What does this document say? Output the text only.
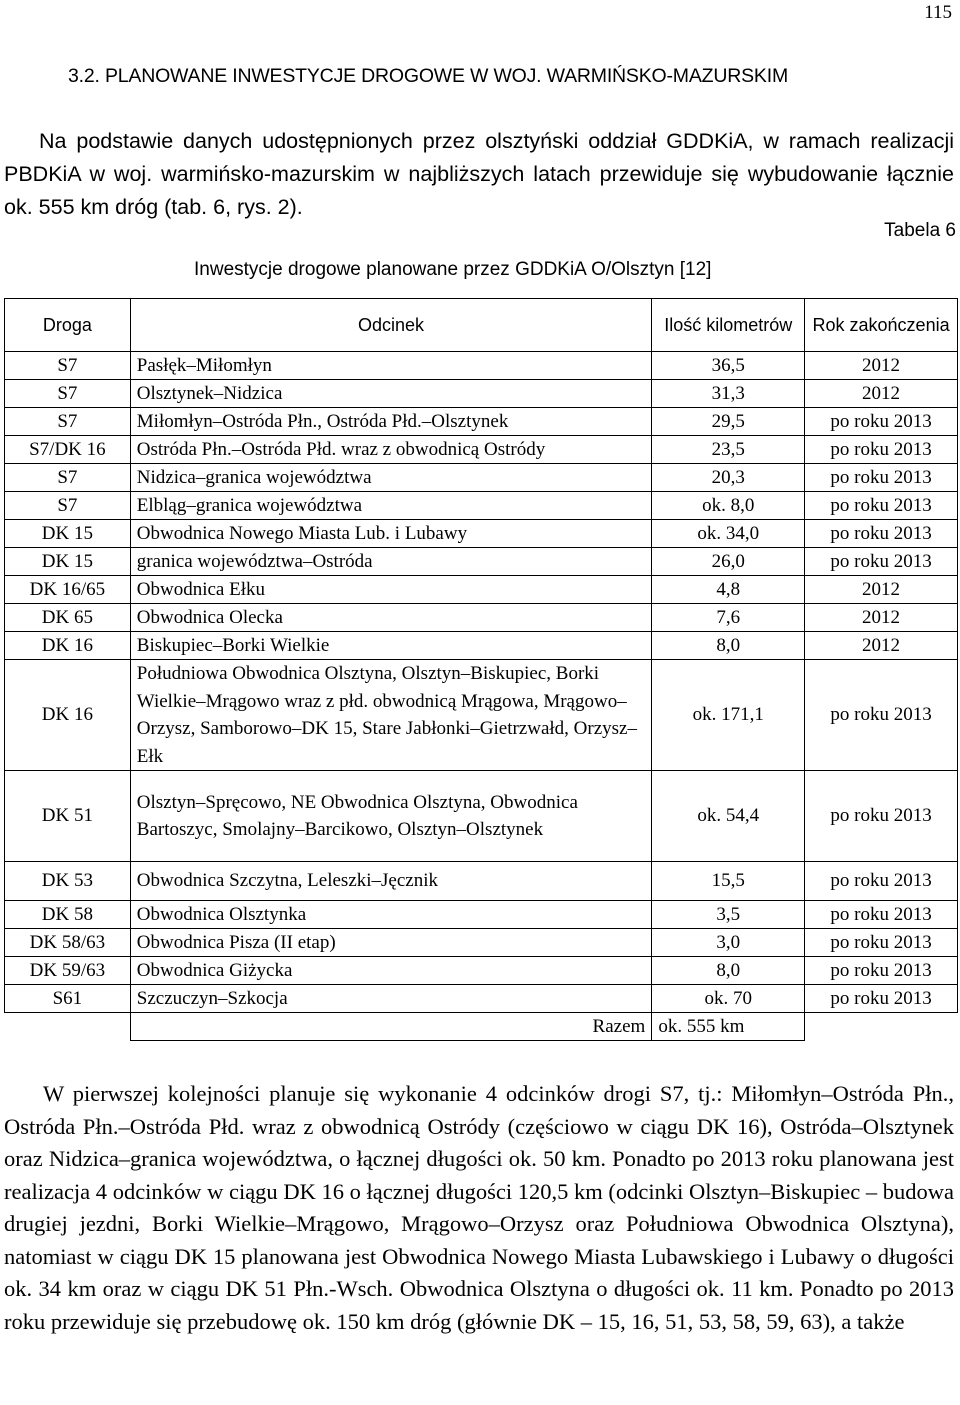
115
3.2. PLANOWANE INWESTYCJE DROGOWE W WOJ. WARMIŃSKO-MAZURSKIM
Na podstawie danych udostępnionych przez olsztyński oddział GDDKiA, w ramach realizacji PBDKiA w woj. warmińsko-mazurskim w najbliższych latach przewiduje się wybudowanie łącznie ok. 555 km dróg (tab. 6, rys. 2).
Tabela 6
Inwestycje drogowe planowane przez GDDKiA O/Olsztyn [12]
Droga	Odcinek	Ilość kilometrów	Rok zakończenia
S7	Pasłęk–Miłomłyn	36,5	2012
S7	Olsztynek–Nidzica	31,3	2012
S7	Miłomłyn–Ostróda Płn., Ostróda Płd.–Olsztynek	29,5	po roku 2013
S7/DK 16	Ostróda Płn.–Ostróda Płd. wraz z obwodnicą Ostródy	23,5	po roku 2013
S7	Nidzica–granica województwa	20,3	po roku 2013
S7	Elbląg–granica województwa	ok. 8,0	po roku 2013
DK 15	Obwodnica Nowego Miasta Lub. i Lubawy	ok. 34,0	po roku 2013
DK 15	granica województwa–Ostróda	26,0	po roku 2013
DK 16/65	Obwodnica Ełku	4,8	2012
DK 65	Obwodnica Olecka	7,6	2012
DK 16	Biskupiec–Borki Wielkie	8,0	2012
DK 16	Południowa Obwodnica Olsztyna, Olsztyn–Biskupiec, Borki Wielkie–Mrągowo wraz z płd. obwodnicą Mrągowa, Mrągowo–Orzysz, Samborowo–DK 15, Stare Jabłonki–Gietrzwałd, Orzysz–Ełk	ok. 171,1	po roku 2013
DK 51	Olsztyn–Spręcowo, NE Obwodnica Olsztyna, Obwodnica Bartoszyc, Smolajny–Barcikowo, Olsztyn–Olsztynek	ok. 54,4	po roku 2013
DK 53	Obwodnica Szczytna, Leleszki–Jęcznik	15,5	po roku 2013
DK 58	Obwodnica Olsztynka	3,5	po roku 2013
DK 58/63	Obwodnica Pisza (II etap)	3,0	po roku 2013
DK 59/63	Obwodnica Giżycka	8,0	po roku 2013
S61	Szczuczyn–Szkocja	ok. 70	po roku 2013
	Razem	ok. 555 km	
W pierwszej kolejności planuje się wykonanie 4 odcinków drogi S7, tj.: Miłomłyn–Ostróda Płn., Ostróda Płn.–Ostróda Płd. wraz z obwodnicą Ostródy (częściowo w ciągu DK 16), Ostróda–Olsztynek oraz Nidzica–granica województwa, o łącznej długości ok. 50 km. Ponadto po 2013 roku planowana jest realizacja 4 odcinków w ciągu DK 16 o łącznej długości 120,5 km (odcinki Olsztyn–Biskupiec – budowa drugiej jezdni, Borki Wielkie–Mrągowo, Mrągowo–Orzysz oraz Południowa Obwodnica Olsztyna), natomiast w ciągu DK 15 planowana jest Obwodnica Nowego Miasta Lubawskiego i Lubawy o długości ok. 34 km oraz w ciągu DK 51 Płn.-Wsch. Obwodnica Olsztyna o długości ok. 11 km. Ponadto po 2013 roku przewiduje się przebudowę ok. 150 km dróg (głównie DK – 15, 16, 51, 53, 58, 59, 63), a także
